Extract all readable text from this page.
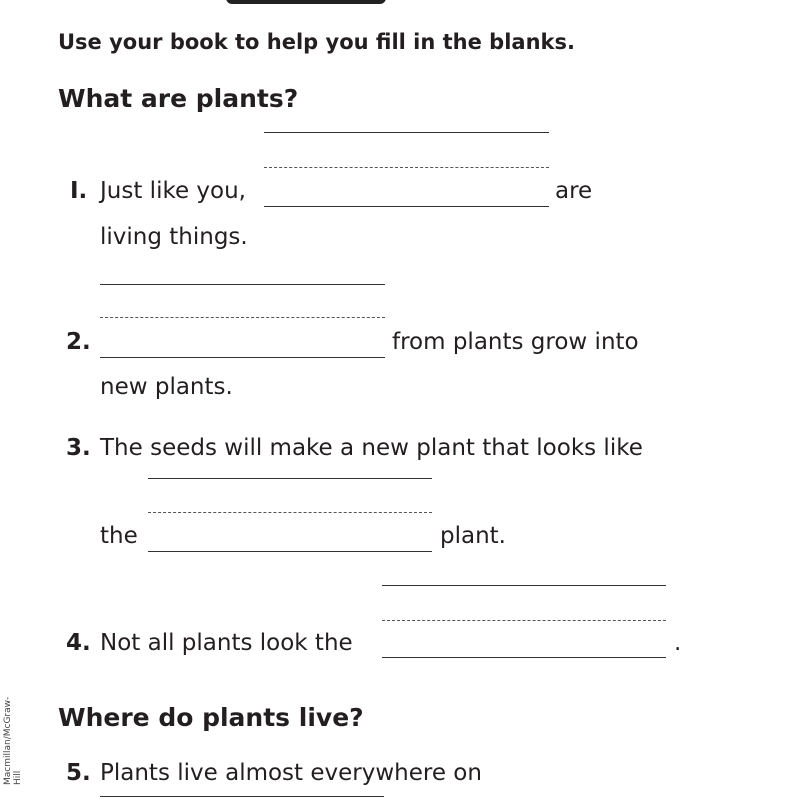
Use your book to help you fill in the blanks.
What are plants?
I. Just like you,	are
living things.
2.	from plants grow into
new plants.
3. The seeds will make a new plant that looks like
the	plant.
4. Not all plants look the	.
Where do plants live?
5. Plants live almost everywhere on
Macmillan/McGraw-Hill
